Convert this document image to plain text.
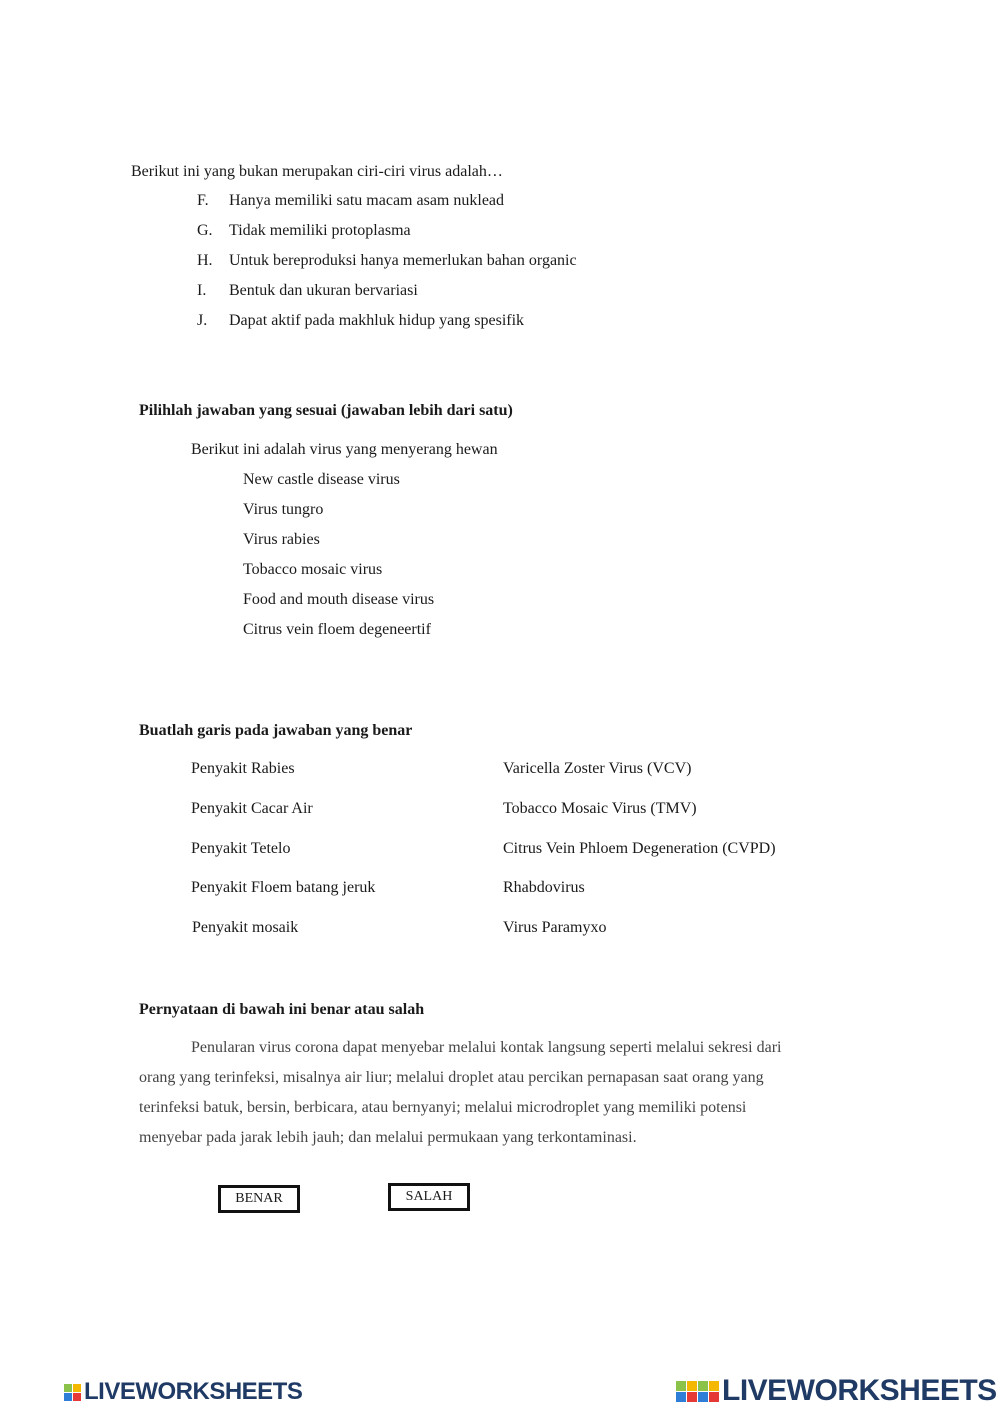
Berikut ini yang bukan merupakan ciri-ciri virus adalah…
F. Hanya memiliki satu macam asam nuklead
G. Tidak memiliki protoplasma
H. Untuk bereproduksi hanya memerlukan bahan organic
I. Bentuk dan ukuran bervariasi
J. Dapat aktif pada makhluk hidup yang spesifik
Pilihlah jawaban yang sesuai (jawaban lebih dari satu)
Berikut ini adalah virus yang menyerang hewan
New castle disease virus
Virus tungro
Virus rabies
Tobacco mosaic virus
Food and mouth disease virus
Citrus vein floem degeneertif
Buatlah garis pada jawaban yang benar
Penyakit Rabies	Varicella Zoster Virus (VCV)
Penyakit Cacar Air	Tobacco Mosaic Virus (TMV)
Penyakit Tetelo	Citrus Vein Phloem Degeneration (CVPD)
Penyakit Floem batang jeruk	Rhabdovirus
Penyakit mosaik	Virus Paramyxo
Pernyataan di bawah ini benar atau salah
Penularan virus corona dapat menyebar melalui kontak langsung seperti melalui sekresi dari
orang yang terinfeksi, misalnya air liur; melalui droplet atau percikan pernapasan saat orang yang
terinfeksi batuk, bersin, berbicara, atau bernyanyi; melalui microdroplet yang memiliki potensi
menyebar pada jarak lebih jauh; dan melalui permukaan yang terkontaminasi.
BENAR	SALAH
LIVEWORKSHEETS	LIVEWORKSHEETS
